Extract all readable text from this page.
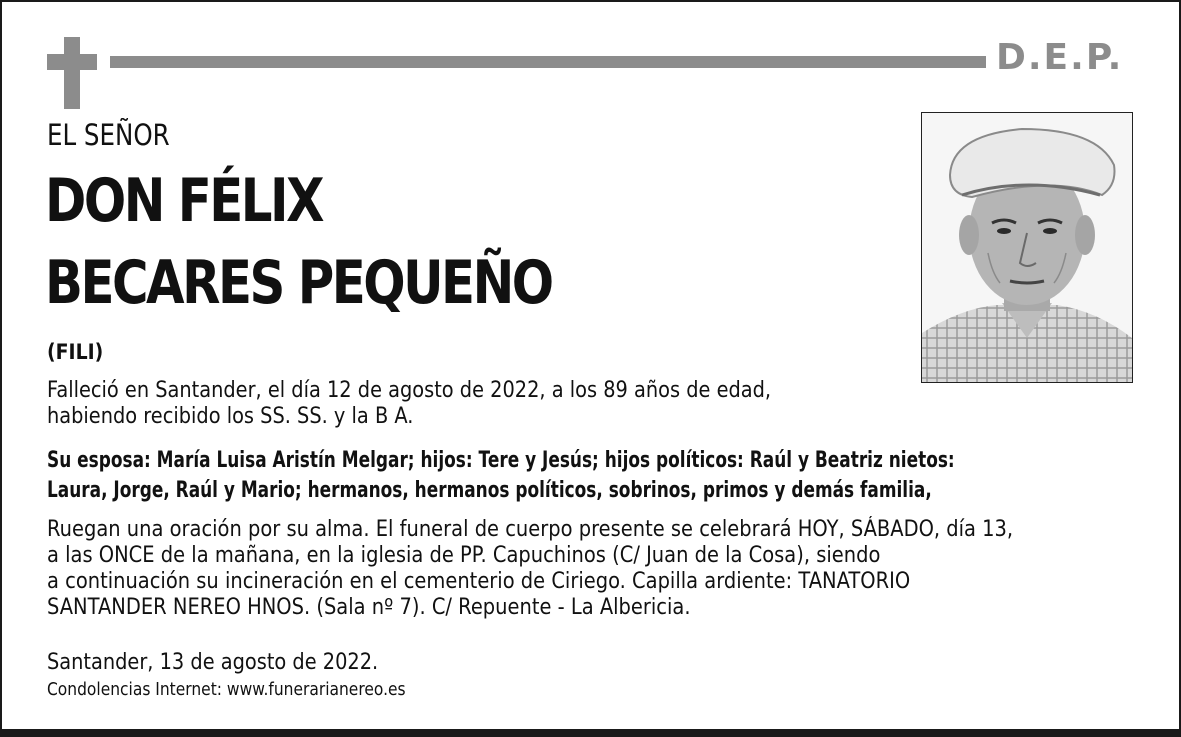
D.E.P.
EL SEÑOR
DON FÉLIX
BECARES PEQUEÑO
(FILI)
Falleció en Santander, el día 12 de agosto de 2022, a los 89 años de edad,
habiendo recibido los SS. SS. y la B A.
Su esposa: María Luisa Aristín Melgar; hijos: Tere y Jesús; hijos políticos: Raúl y Beatriz nietos:
Laura, Jorge, Raúl y Mario; hermanos, hermanos políticos, sobrinos, primos y demás familia,
Ruegan una oración por su alma. El funeral de cuerpo presente se celebrará HOY, SÁBADO, día 13,
a las ONCE de la mañana, en la iglesia de PP. Capuchinos (C/ Juan de la Cosa), siendo
a continuación su incineración en el cementerio de Ciriego. Capilla ardiente: TANATORIO
SANTANDER NEREO HNOS. (Sala nº 7). C/ Repuente - La Albericia.
Santander, 13 de agosto de 2022.
Condolencias Internet: www.funerarianereo.es
